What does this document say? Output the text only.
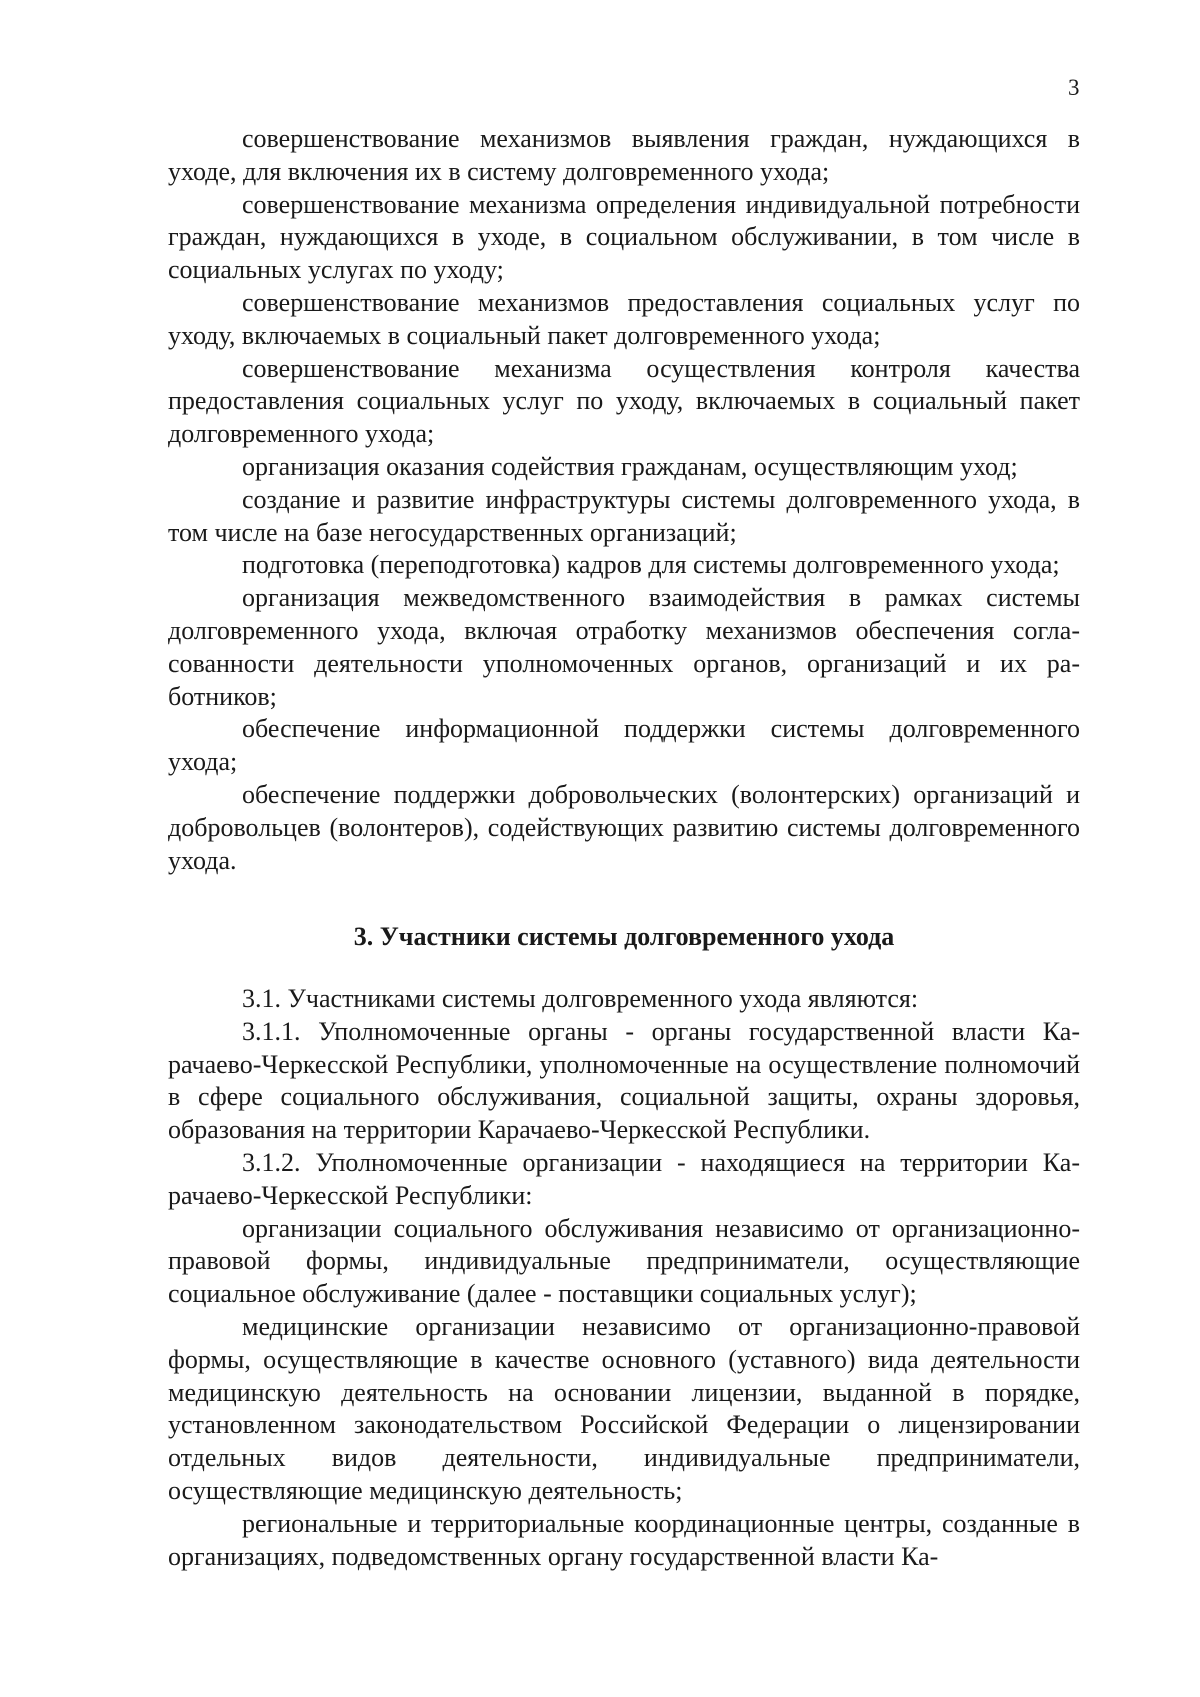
3

совершенствование механизмов выявления граждан, нуждающихся в уходе, для включения их в систему долговременного ухода;

совершенствование механизма определения индивидуальной потребности граждан, нуждающихся в уходе, в социальном обслуживании, в том числе в социальных услугах по уходу;

совершенствование механизмов предоставления социальных услуг по уходу, включаемых в социальный пакет долговременного ухода;

совершенствование механизма осуществления контроля качества предоставления социальных услуг по уходу, включаемых в социальный пакет долговременного ухода;

организация оказания содействия гражданам, осуществляющим уход;

создание и развитие инфраструктуры системы долговременного ухода, в том числе на базе негосударственных организаций;

подготовка (переподготовка) кадров для системы долговременного ухода;

организация межведомственного взаимодействия в рамках системы долговременного ухода, включая отработку механизмов обеспечения согласованности деятельности уполномоченных органов, организаций и их работников;

обеспечение информационной поддержки системы долговременного ухода;

обеспечение поддержки добровольческих (волонтерских) организаций и добровольцев (волонтеров), содействующих развитию системы долговременного ухода.

3. Участники системы долговременного ухода

3.1. Участниками системы долговременного ухода являются:

3.1.1. Уполномоченные органы - органы государственной власти Карачаево-Черкесской Республики, уполномоченные на осуществление полномочий в сфере социального обслуживания, социальной защиты, охраны здоровья, образования на территории Карачаево-Черкесской Республики.

3.1.2. Уполномоченные организации - находящиеся на территории Карачаево-Черкесской Республики:

организации социального обслуживания независимо от организационно-правовой формы, индивидуальные предприниматели, осуществляющие социальное обслуживание (далее - поставщики социальных услуг);

медицинские организации независимо от организационно-правовой формы, осуществляющие в качестве основного (уставного) вида деятельности медицинскую деятельность на основании лицензии, выданной в порядке, установленном законодательством Российской Федерации о лицензировании отдельных видов деятельности, индивидуальные предприниматели, осуществляющие медицинскую деятельность;

региональные и территориальные координационные центры, созданные в организациях, подведомственных органу государственной власти Ка-
